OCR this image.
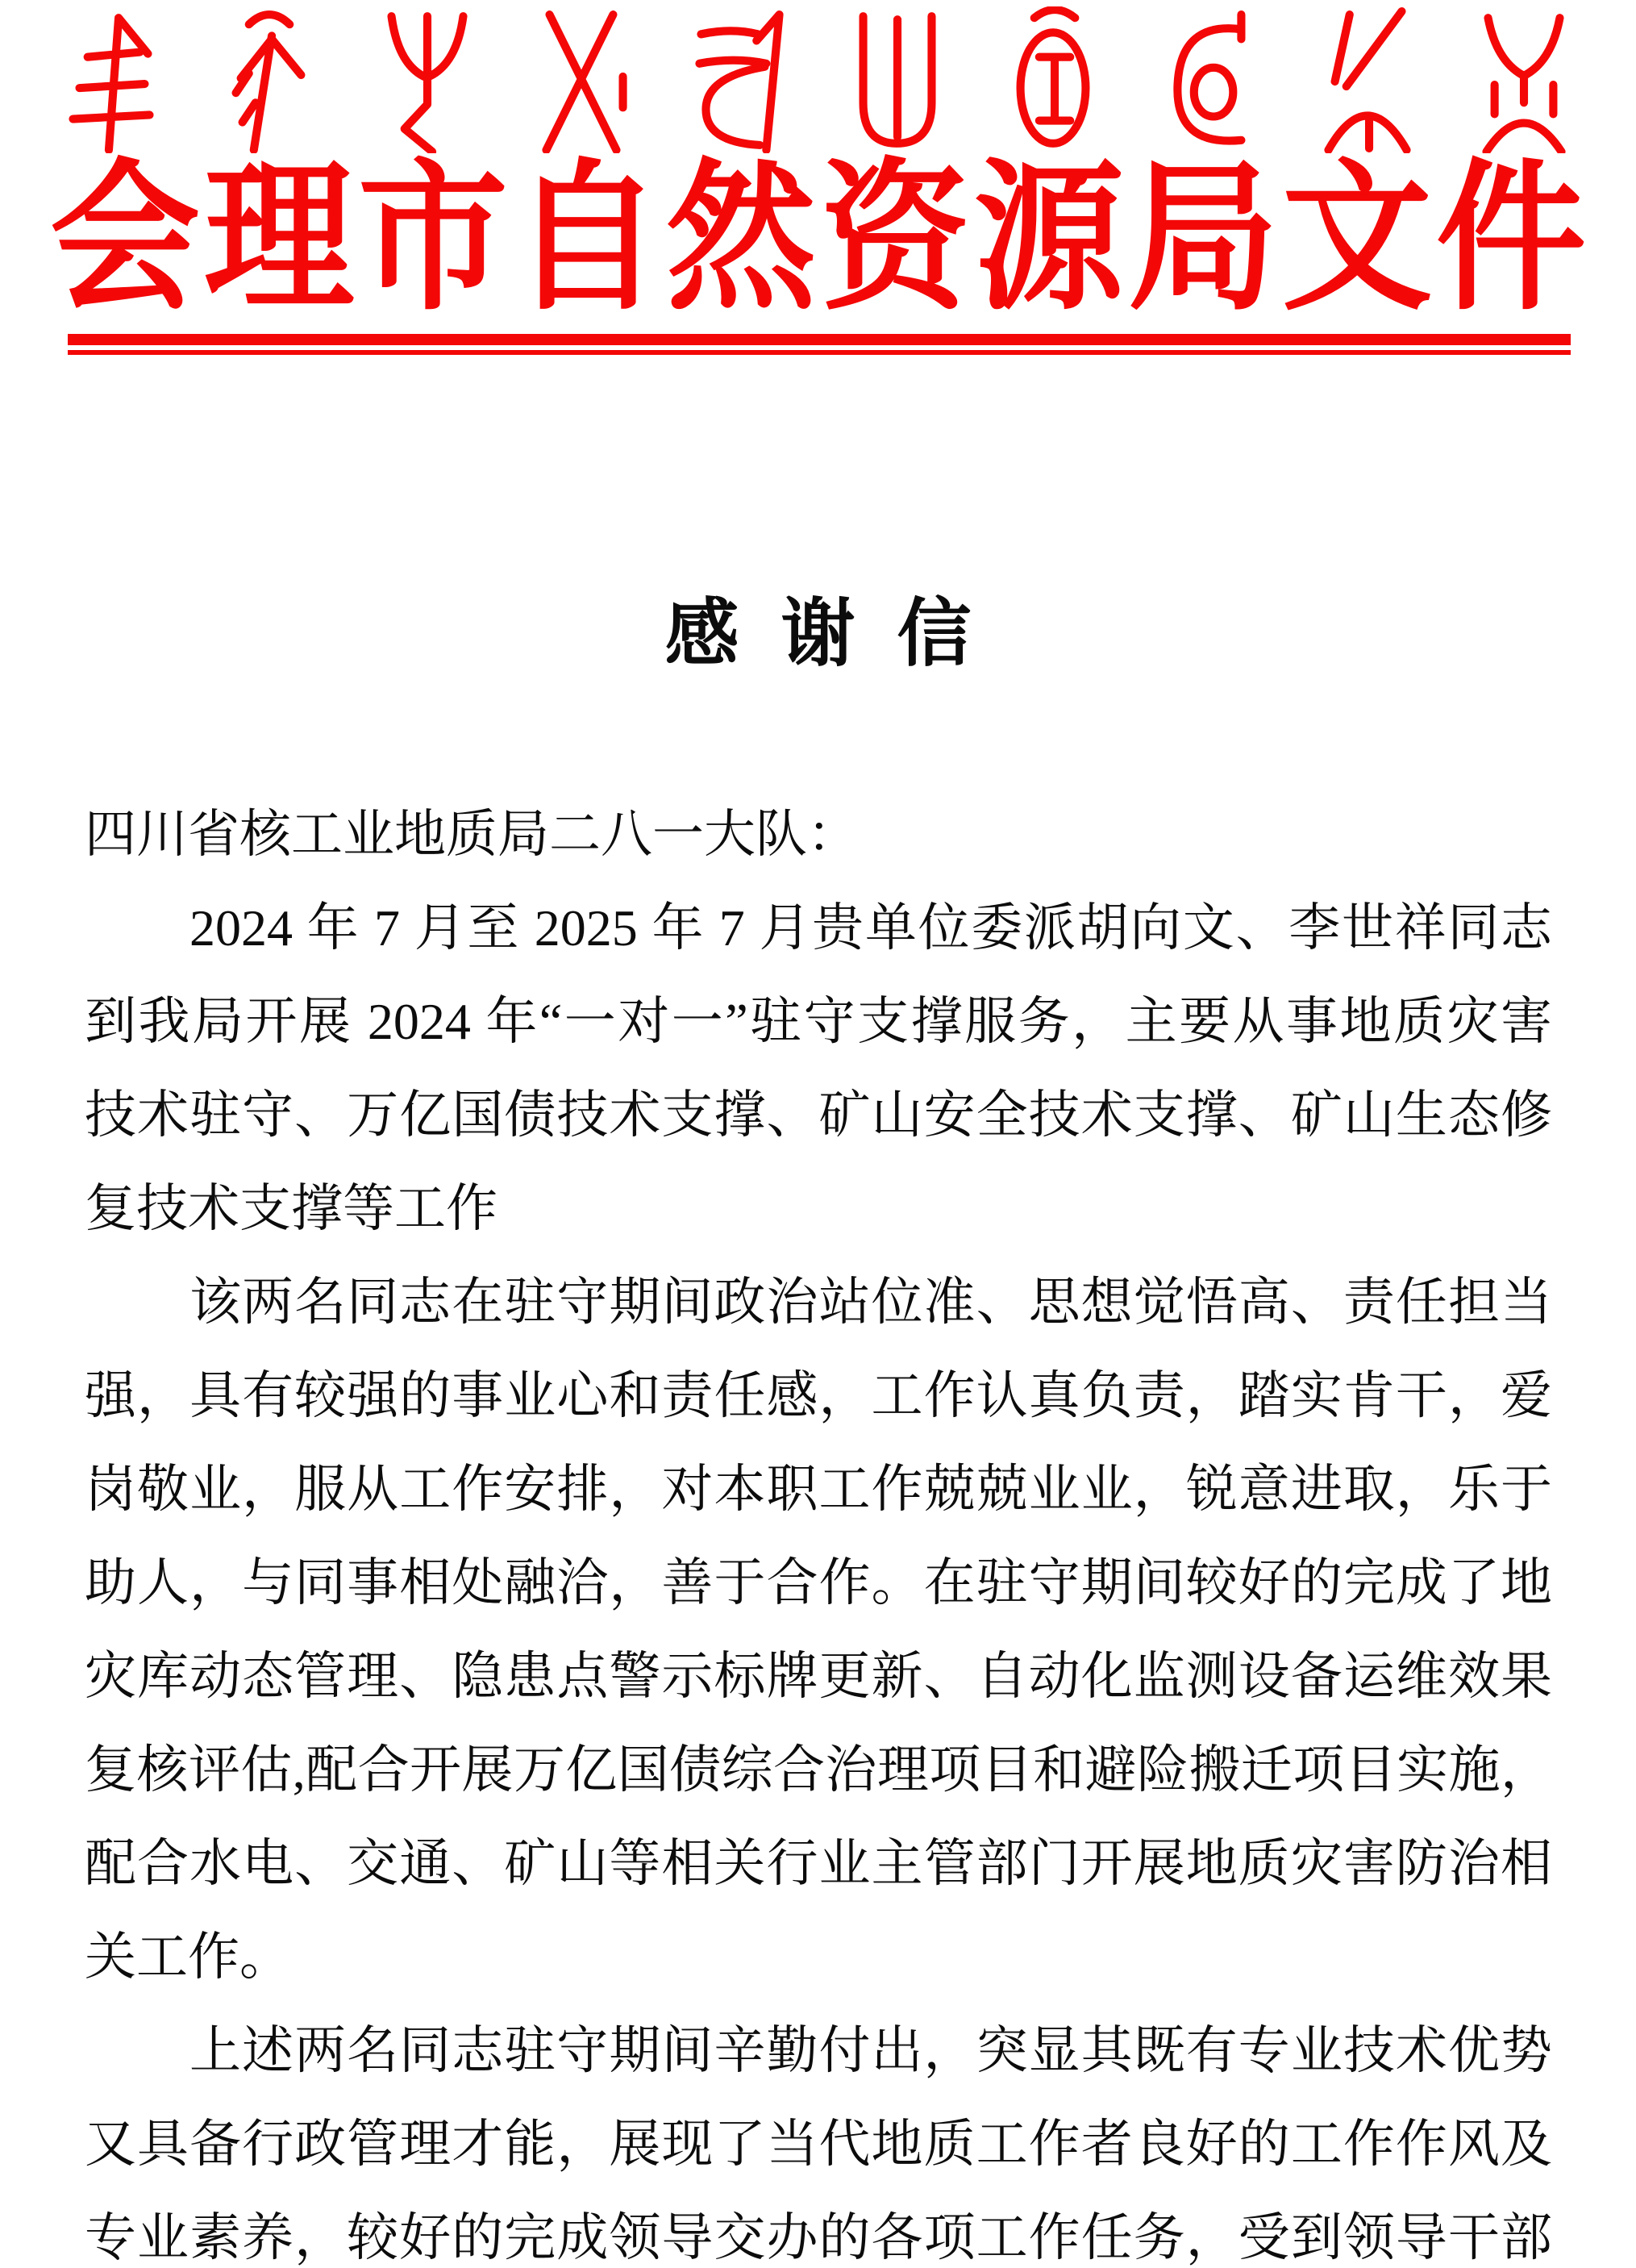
会理市自然资源局文件
感谢信
四川省核工业地质局二八一大队：
2024 年 7 月至 2025 年 7 月贵单位委派胡向文、李世祥同志
到我局开展 2024 年“一对一”驻守支撑服务，主要从事地质灾害
技术驻守、万亿国债技术支撑、矿山安全技术支撑、矿山生态修
复技术支撑等工作
该两名同志在驻守期间政治站位准、思想觉悟高、责任担当
强，具有较强的事业心和责任感，工作认真负责，踏实肯干，爱
岗敬业，服从工作安排，对本职工作兢兢业业，锐意进取，乐于
助人，与同事相处融洽，善于合作。在驻守期间较好的完成了地
灾库动态管理、隐患点警示标牌更新、自动化监测设备运维效果
复核评估,配合开展万亿国债综合治理项目和避险搬迁项目实施，
配合水电、交通、矿山等相关行业主管部门开展地质灾害防治相
关工作。
上述两名同志驻守期间辛勤付出，突显其既有专业技术优势
又具备行政管理才能，展现了当代地质工作者良好的工作作风及
专业素养，较好的完成领导交办的各项工作任务，受到领导干部
